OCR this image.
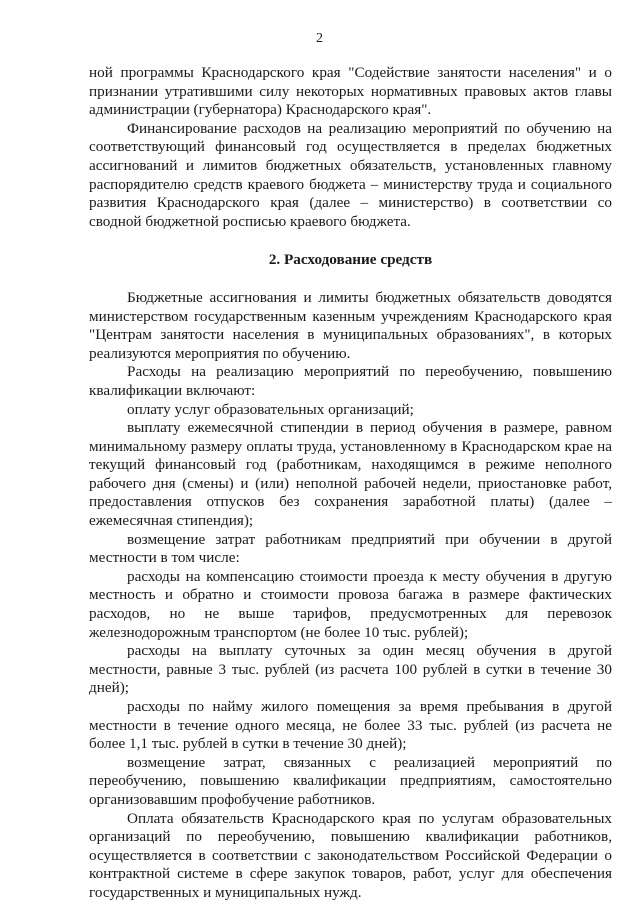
2

ной программы Краснодарского края "Содействие занятости населения" и о признании утратившими силу некоторых нормативных правовых актов главы администрации (губернатора) Краснодарского края".

Финансирование расходов на реализацию мероприятий по обучению на соответствующий финансовый год осуществляется в пределах бюджетных ассигнований и лимитов бюджетных обязательств, установленных главному распорядителю средств краевого бюджета – министерству труда и социального развития Краснодарского края (далее – министерство) в соответствии со сводной бюджетной росписью краевого бюджета.

2. Расходование средств

Бюджетные ассигнования и лимиты бюджетных обязательств доводятся министерством государственным казенным учреждениям Краснодарского края "Центрам занятости населения в муниципальных образованиях", в которых реализуются мероприятия по обучению.

Расходы на реализацию мероприятий по переобучению, повышению квалификации включают:

оплату услуг образовательных организаций;

выплату ежемесячной стипендии в период обучения в размере, равном минимальному размеру оплаты труда, установленному в Краснодарском крае на текущий финансовый год (работникам, находящимся в режиме неполного рабочего дня (смены) и (или) неполной рабочей недели, приостановке работ, предоставления отпусков без сохранения заработной платы) (далее – ежемесячная стипендия);

возмещение затрат работникам предприятий при обучении в другой местности в том числе:

расходы на компенсацию стоимости проезда к месту обучения в другую местность и обратно и стоимости провоза багажа в размере фактических расходов, но не выше тарифов, предусмотренных для перевозок железнодорожным транспортом (не более 10 тыс. рублей);

расходы на выплату суточных за один месяц обучения в другой местности, равные 3 тыс. рублей (из расчета 100 рублей в сутки в течение 30 дней);

расходы по найму жилого помещения за время пребывания в другой местности в течение одного месяца, не более 33 тыс. рублей (из расчета не более 1,1 тыс. рублей в сутки в течение 30 дней);

возмещение затрат, связанных с реализацией мероприятий по переобучению, повышению квалификации предприятиям, самостоятельно организовавшим профобучение работников.

Оплата обязательств Краснодарского края по услугам образовательных организаций по переобучению, повышению квалификации работников, осуществляется в соответствии с законодательством Российской Федерации о контрактной системе в сфере закупок товаров, работ, услуг для обеспечения государственных и муниципальных нужд.
